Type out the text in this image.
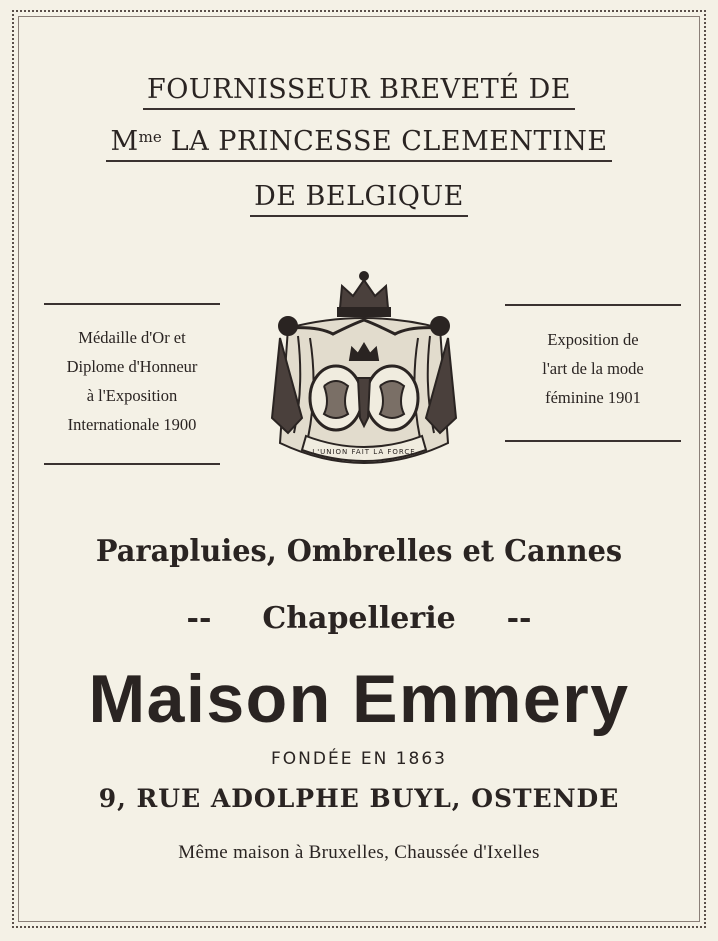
FOURNISSEUR BREVETÉ DE
$M^{me}$ LA PRINCESSE CLEMENTINE
DE BELGIQUE
Médaille d'Or et
Diplome d'Honneur
à l'Exposition
Internationale 1900
Exposition de
l'art de la mode
féminine 1901
L'UNION FAIT LA FORCE
Parapluies, Ombrelles et Cannes
-- Chapellerie --
Maison Emmery
FONDÉE EN 1863
9, RUE ADOLPHE BUYL, OSTENDE
Même maison à Bruxelles, Chaussée d'Ixelles
